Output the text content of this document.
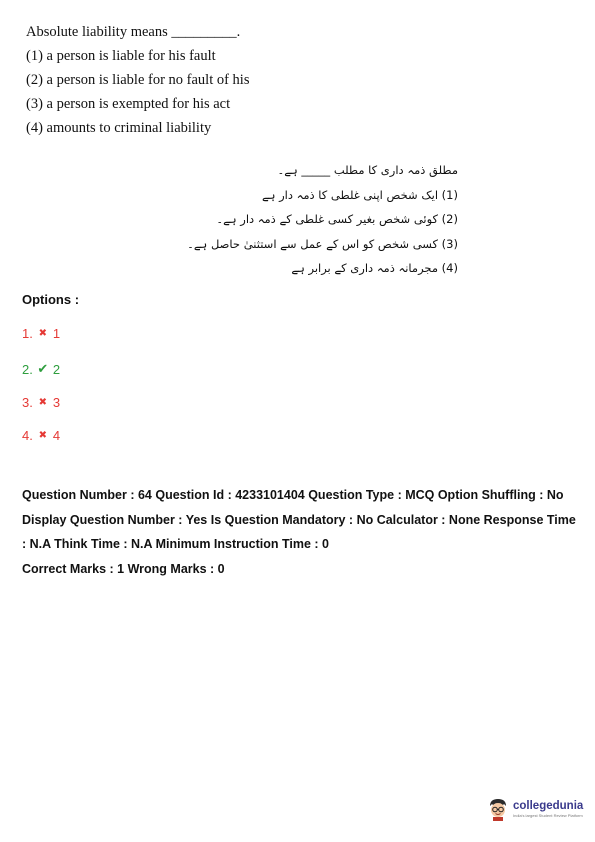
Absolute liability means _________.
(1) a person is liable for his fault
(2) a person is liable for no fault of his
(3) a person is exempted for his act
(4) amounts to criminal liability
مطلق ذمہ داری کا مطلب _____ ہے۔
(1) ایک شخص اپنی غلطی کا ذمہ دار ہے
(2) کوئی شخص بغیر کسی غلطی کے ذمہ دار ہے۔
(3) کسی شخص کو اس کے عمل سے استثنیٰ حاصل ہے۔
(4) مجرمانہ ذمہ داری کے برابر ہے
Options :
1. ✖ 1
2. ✔ 2
3. ✖ 3
4. ✖ 4
Question Number : 64 Question Id : 4233101404 Question Type : MCQ Option Shuffling : No
Display Question Number : Yes Is Question Mandatory : No Calculator : None Response Time
: N.A Think Time : N.A Minimum Instruction Time : 0
Correct Marks : 1 Wrong Marks : 0
collegedunia
India's largest Student Review Platform
